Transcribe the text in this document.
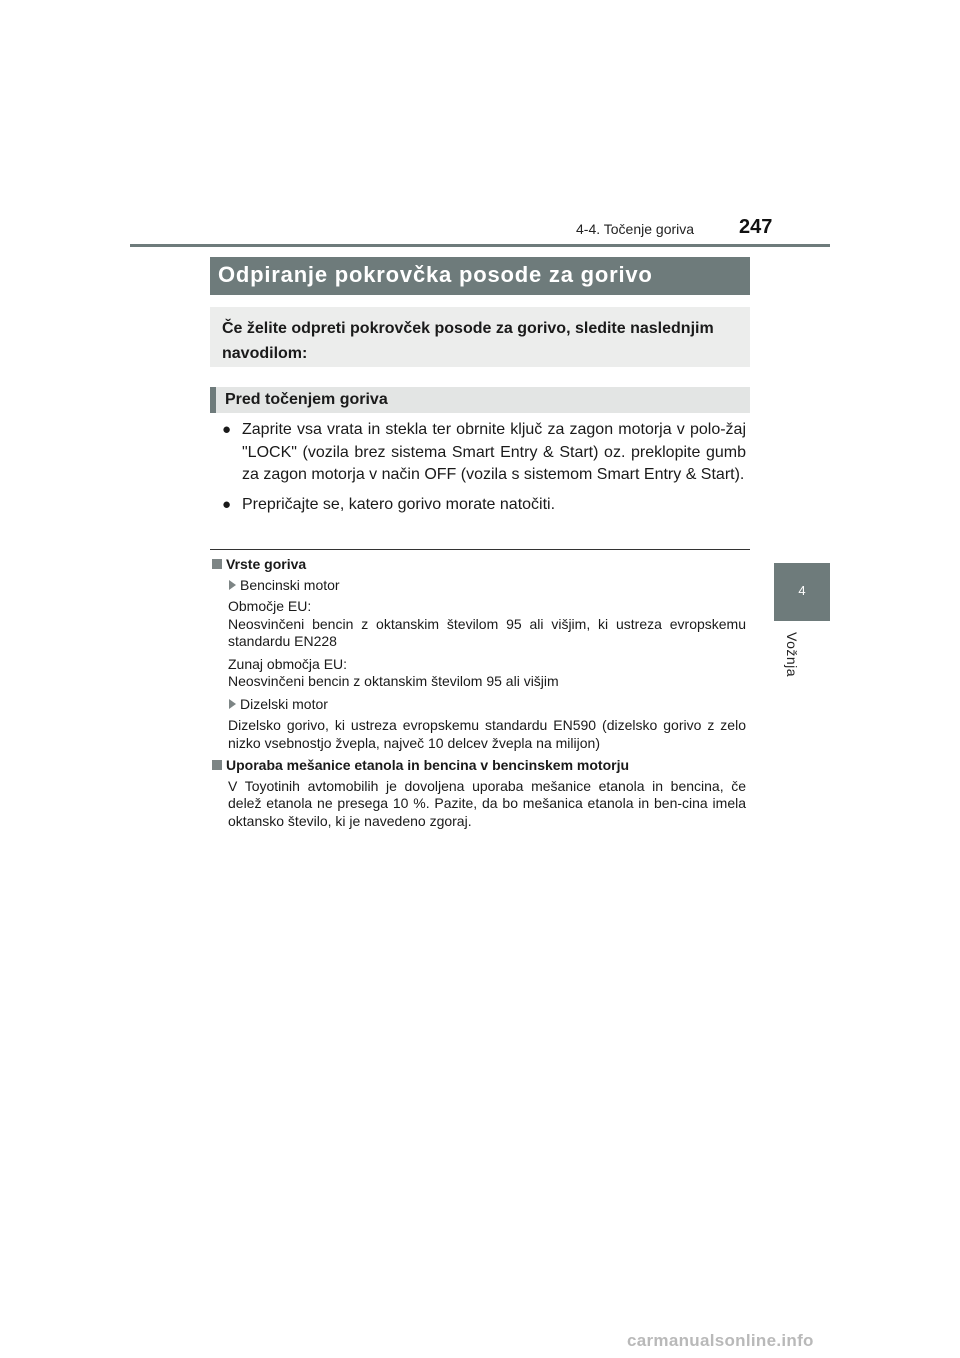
4-4. Točenje goriva 247
4
Vožnja
Odpiranje pokrovčka posode za gorivo

Če želite odpreti pokrovček posode za gorivo, sledite naslednjim navodilom:

Pred točenjem goriva
● Zaprite vsa vrata in stekla ter obrnite ključ za zagon motorja v polo-žaj "LOCK" (vozila brez sistema Smart Entry & Start) oz. preklopite gumb za zagon motorja v način OFF (vozila s sistemom Smart Entry & Start).
● Prepričajte se, katero gorivo morate natočiti.
Vrste goriva
Bencinski motor
Območje EU:
Neosvinčeni bencin z oktanskim številom 95 ali višjim, ki ustreza evropskemu standardu EN228
Zunaj območja EU:
Neosvinčeni bencin z oktanskim številom 95 ali višjim
Dizelski motor
Dizelsko gorivo, ki ustreza evropskemu standardu EN590 (dizelsko gorivo z zelo nizko vsebnostjo žvepla, največ 10 delcev žvepla na milijon)
Uporaba mešanice etanola in bencina v bencinskem motorju
V Toyotinih avtomobilih je dovoljena uporaba mešanice etanola in bencina, če delež etanola ne presega 10 %. Pazite, da bo mešanica etanola in ben-cina imela oktansko število, ki je navedeno zgoraj.
carmanualsonline.info
